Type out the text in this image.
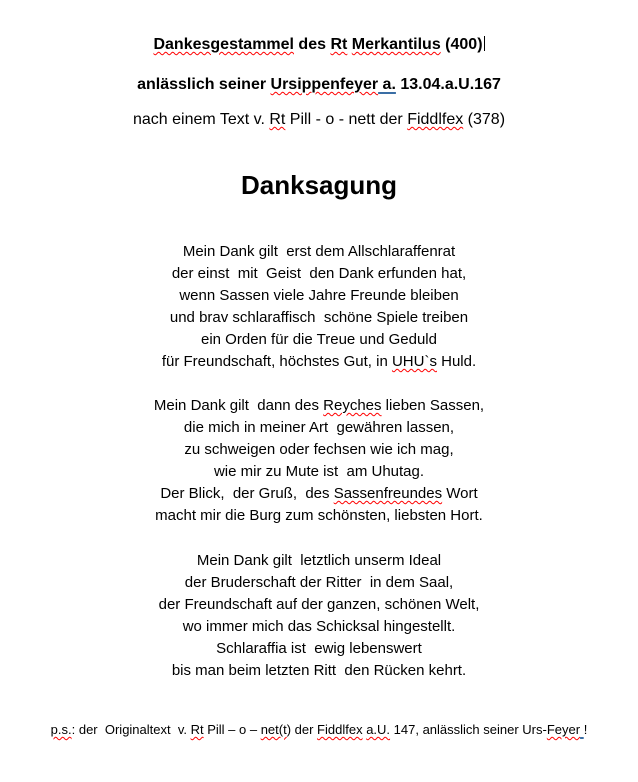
Dankesgestammel des Rt Merkantilus (400)
anlässlich seiner Ursippenfeyer a. 13.04.a.U.167
nach einem Text v. Rt Pill - o - nett der Fiddlfex (378)
Danksagung
Mein Dank gilt  erst dem Allschlaraffenrat
der einst  mit  Geist  den Dank erfunden hat,
wenn Sassen viele Jahre Freunde bleiben
und brav schlaraffisch  schöne Spiele treiben
ein Orden für die Treue und Geduld
für Freundschaft, höchstes Gut, in UHU`s Huld.
Mein Dank gilt  dann des Reyches lieben Sassen,
die mich in meiner Art  gewähren lassen,
zu schweigen oder fechsen wie ich mag,
wie mir zu Mute ist  am Uhutag.
Der Blick,  der Gruß,  des Sassenfreundes Wort
macht mir die Burg zum schönsten, liebsten Hort.
Mein Dank gilt  letztlich unserm Ideal
der Bruderschaft der Ritter  in dem Saal,
der Freundschaft auf der ganzen, schönen Welt,
wo immer mich das Schicksal hingestellt.
Schlaraffia ist  ewig lebenswert
bis man beim letzten Ritt  den Rücken kehrt.
p.s.: der  Originaltext  v. Rt Pill – o – net(t) der Fiddlfex a.U. 147, anlässlich seiner Urs-Feyer !
